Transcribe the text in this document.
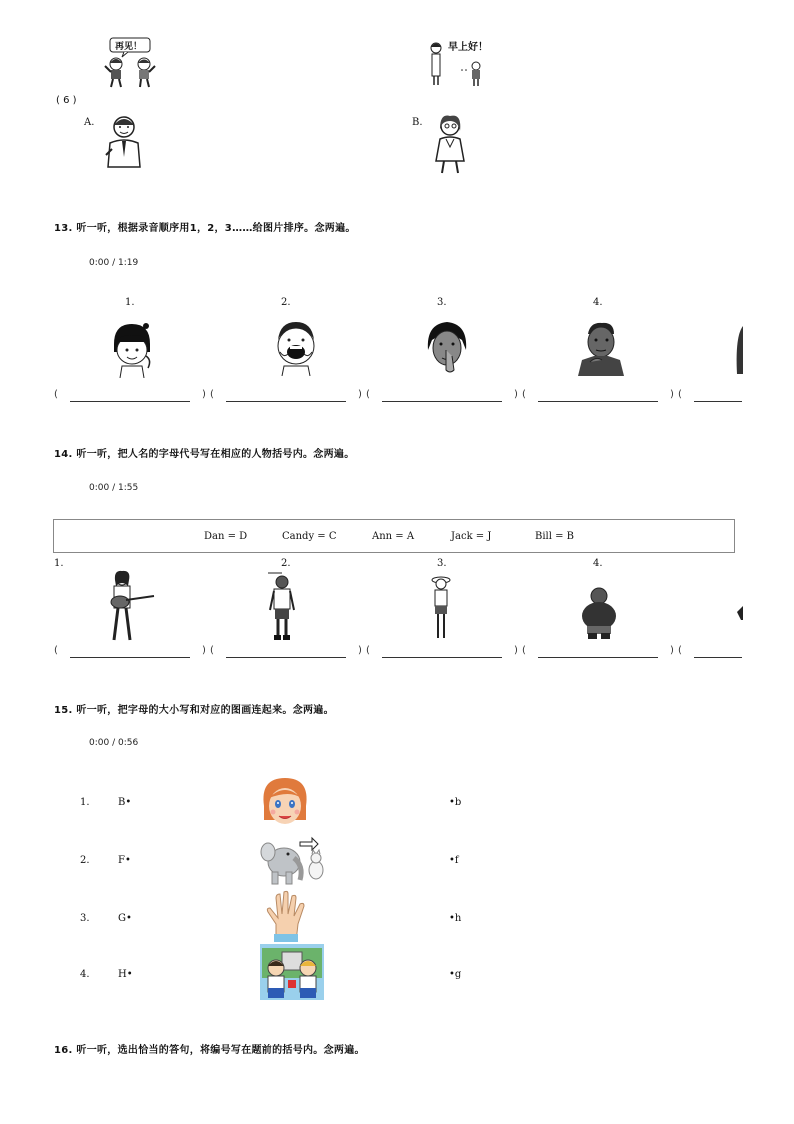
再见！	早上好！
( 6 )
A.	B.
13. 听一听，根据录音顺序用1，2，3……给图片排序。念两遍。
0:00 / 1:19
1.	2.	3.	4.
(	) (	) (	) (	) (
14. 听一听，把人名的字母代号写在相应的人物括号内。念两遍。
0:00 / 1:55
Dan = D	Candy = C	Ann = A	Jack = J	Bill = B
1.	2.	3.	4.
(	) (	) (	) (	) (
15. 听一听，把字母的大小写和对应的图画连起来。念两遍。
0:00 / 0:56
1.	B•	•b
2.	F•	•f
3.	G•	•h
4.	H•	•g
16. 听一听，选出恰当的答句，将编号写在题前的括号内。念两遍。
